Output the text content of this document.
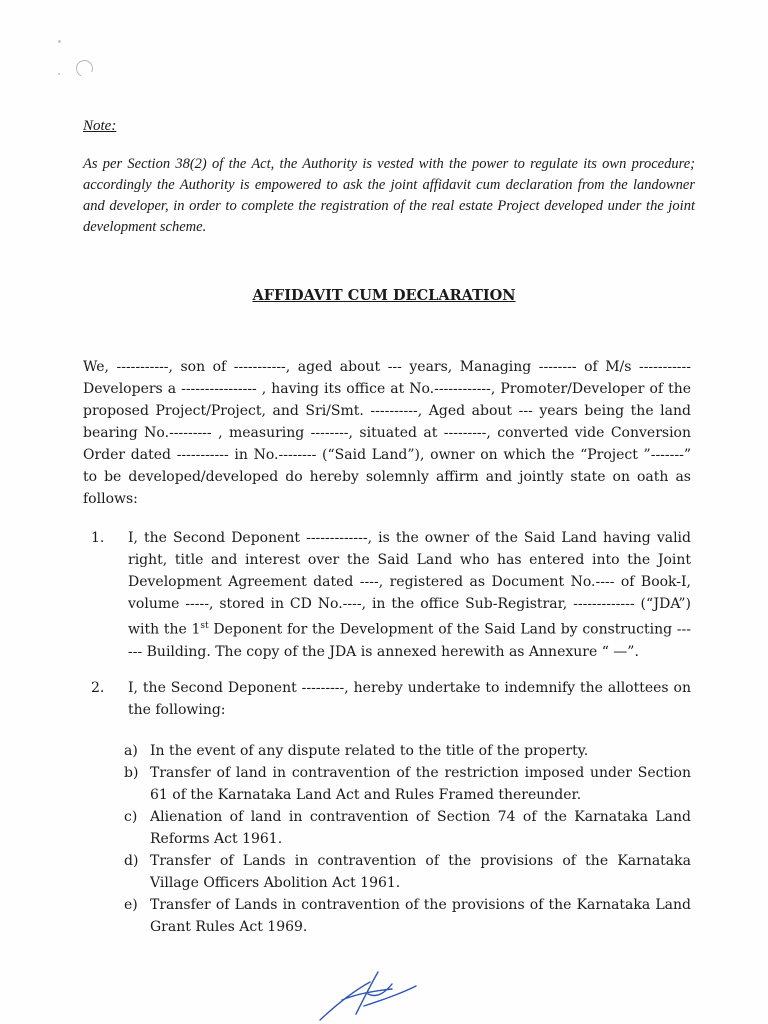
Note:

As per Section 38(2) of the Act, the Authority is vested with the power to regulate its own procedure; accordingly the Authority is empowered to ask the joint affidavit cum declaration from the landowner and developer, in order to complete the registration of the real estate Project developed under the joint development scheme.

AFFIDAVIT CUM DECLARATION

We, -----------, son of -----------, aged about --- years, Managing -------- of M/s ----------- Developers a ---------------- , having its office at No.------------, Promoter/Developer of the proposed Project/Project, and Sri/Smt. ----------, Aged about --- years being the land bearing No.--------- , measuring --------, situated at ---------, converted vide Conversion Order dated ----------- in No.-------- (“Said Land”), owner on which the “Project ”-------” to be developed/developed do hereby solemnly affirm and jointly state on oath as follows:

1.	I, the Second Deponent -------------, is the owner of the Said Land having valid right, title and interest over the Said Land who has entered into the Joint Development Agreement dated ----, registered as Document No.---- of Book-I, volume -----, stored in CD No.----, in the office Sub-Registrar, ------------- (“JDA”) with the 1st Deponent for the Development of the Said Land by constructing ------ Building. The copy of the JDA is annexed herewith as Annexure “ —”.
2.	I, the Second Deponent ---------, hereby undertake to indemnify the allottees on the following:
a) In the event of any dispute related to the title of the property.
b) Transfer of land in contravention of the restriction imposed under Section 61 of the Karnataka Land Act and Rules Framed thereunder.
c) Alienation of land in contravention of Section 74 of the Karnataka Land Reforms Act 1961.
d) Transfer of Lands in contravention of the provisions of the Karnataka Village Officers Abolition Act 1961.
e) Transfer of Lands in contravention of the provisions of the Karnataka Land Grant Rules Act 1969.
